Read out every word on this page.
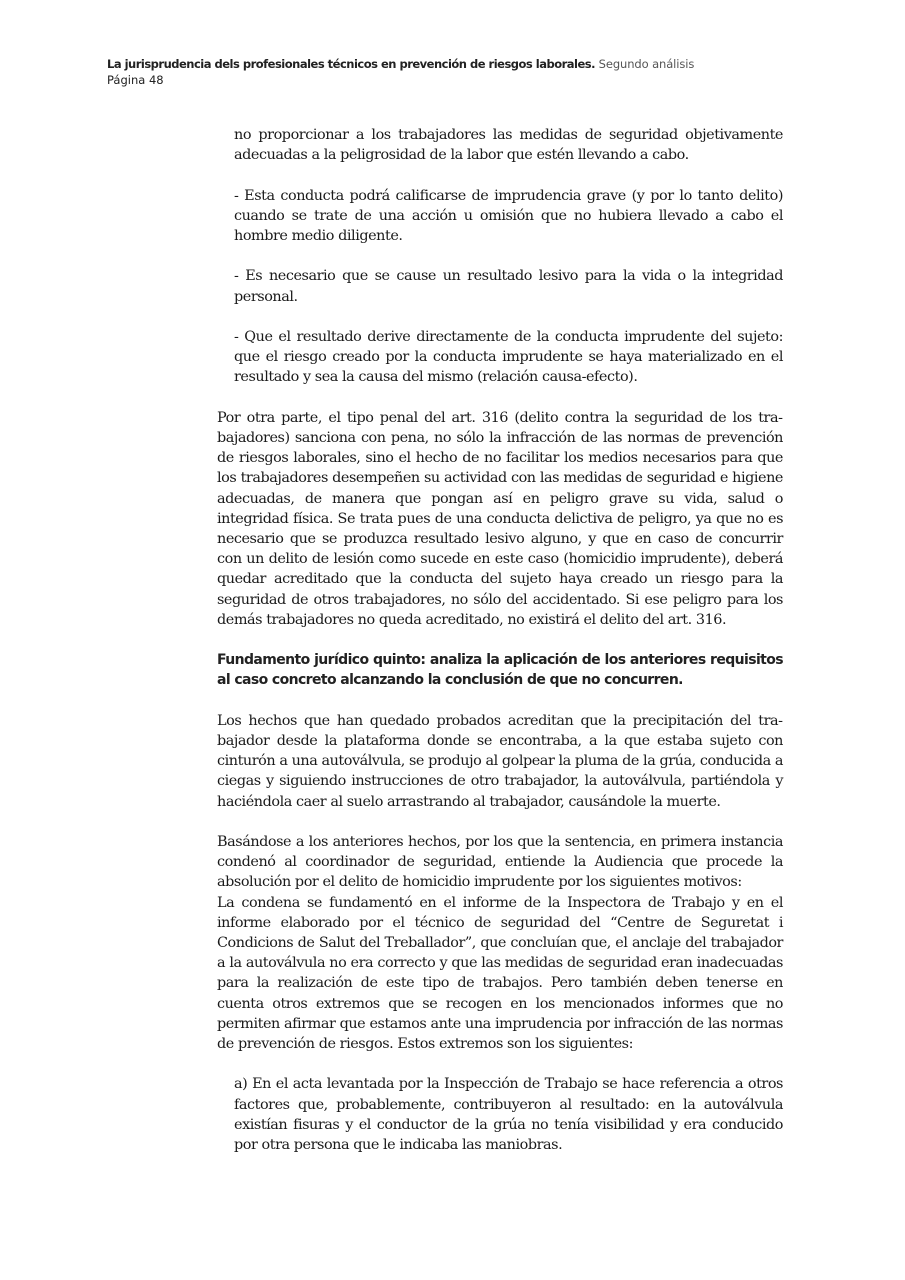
La jurisprudencia dels profesionales técnicos en prevención de riesgos laborales. Segundo análisis
Página 48

no proporcionar a los trabajadores las medidas de seguridad objetivamente adecuadas a la peligrosidad de la labor que estén llevando a cabo.

- Esta conducta podrá calificarse de imprudencia grave (y por lo tanto delito) cuando se trate de una acción u omisión que no hubiera llevado a cabo el hombre medio diligente.

- Es necesario que se cause un resultado lesivo para la vida o la integridad personal.

- Que el resultado derive directamente de la conducta imprudente del sujeto: que el riesgo creado por la conducta imprudente se haya materializado en el resultado y sea la causa del mismo (relación causa-efecto).

Por otra parte, el tipo penal del art. 316 (delito contra la seguridad de los trabajadores) sanciona con pena, no sólo la infracción de las normas de prevención de riesgos laborales, sino el hecho de no facilitar los medios necesarios para que los trabajadores desempeñen su actividad con las medidas de seguridad e higiene adecuadas, de manera que pongan así en peligro grave su vida, salud o integridad física. Se trata pues de una conducta delictiva de peligro, ya que no es necesario que se produzca resultado lesivo alguno, y que en caso de concurrir con un delito de lesión como sucede en este caso (homicidio imprudente), deberá quedar acreditado que la conducta del sujeto haya creado un riesgo para la seguridad de otros trabajadores, no sólo del accidentado. Si ese peligro para los demás trabajadores no queda acreditado, no existirá el delito del art. 316.

Fundamento jurídico quinto: analiza la aplicación de los anteriores requisitos al caso concreto alcanzando la conclusión de que no concurren.

Los hechos que han quedado probados acreditan que la precipitación del trabajador desde la plataforma donde se encontraba, a la que estaba sujeto con cinturón a una autoválvula, se produjo al golpear la pluma de la grúa, conducida a ciegas y siguiendo instrucciones de otro trabajador, la autoválvula, partiéndola y haciéndola caer al suelo arrastrando al trabajador, causándole la muerte.

Basándose a los anteriores hechos, por los que la sentencia, en primera instancia condenó al coordinador de seguridad, entiende la Audiencia que procede la absolución por el delito de homicidio imprudente por los siguientes motivos:

La condena se fundamentó en el informe de la Inspectora de Trabajo y en el informe elaborado por el técnico de seguridad del “Centre de Seguretat i Condicions de Salut del Treballador”, que concluían que, el anclaje del trabajador a la autoválvula no era correcto y que las medidas de seguridad eran inadecuadas para la realización de este tipo de trabajos. Pero también deben tenerse en cuenta otros extremos que se recogen en los mencionados informes que no permiten afirmar que estamos ante una imprudencia por infracción de las normas de prevención de riesgos. Estos extremos son los siguientes:

a) En el acta levantada por la Inspección de Trabajo se hace referencia a otros factores que, probablemente, contribuyeron al resultado: en la autoválvula existían fisuras y el conductor de la grúa no tenía visibilidad y era conducido por otra persona que le indicaba las maniobras.
